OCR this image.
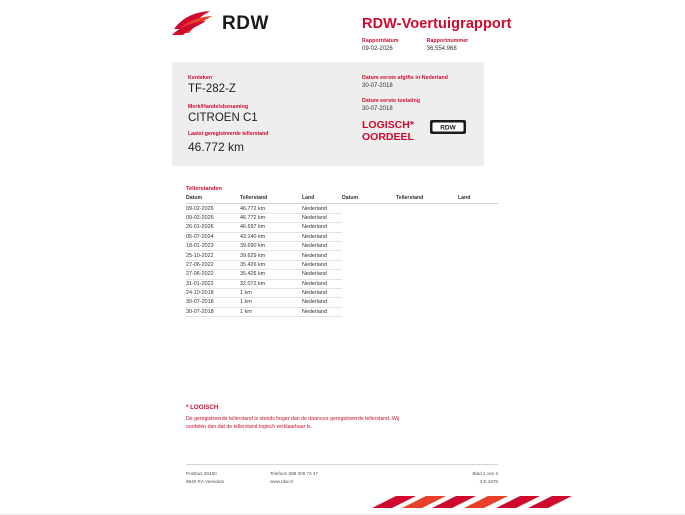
RDW	RDW-Voertuigrapport
Rapportdatum
09-02-2026
Rapportnummer
36.554.968
Kenteken
TF-282-Z
Merk/Handelsbenaming
CITROEN C1
Datum eerste afgifte in Nederland
30-07-2018
Datum eerste toelating
30-07-2018
LOGISCH*
OORDEEL
RDW
Laatst geregistreerde tellerstand
46.772 km
Tellerstanden
Datum	Tellerstand	Land
09-02-2026	46.772 km	Nederland
09-02-2026	46.772 km	Nederland
26-01-2026	46.697 km	Nederland
05-07-2024	43.140 km	Nederland
18-01-2023	39.690 km	Nederland
25-10-2022	39.629 km	Nederland
27-06-2022	35.426 km	Nederland
27-06-2022	35.426 km	Nederland
31-01-2022	32.072 km	Nederland
24-10-2018	1 km	Nederland
30-07-2018	1 km	Nederland
30-07-2018	1 km	Nederland
Datum	Tellerstand	Land
* LOGISCH
De geregistreerde tellerstand is steeds hoger dan de daarvoor geregistreerde tellerstand. Wij oordelen dan dat de tellerstand logisch verklaarbaar is.
Postbus 30460
9640 RA Veendam
Telefoon 088 008 74 47
www.rdw.nl
Blad 1 van 2
3 E 1679
